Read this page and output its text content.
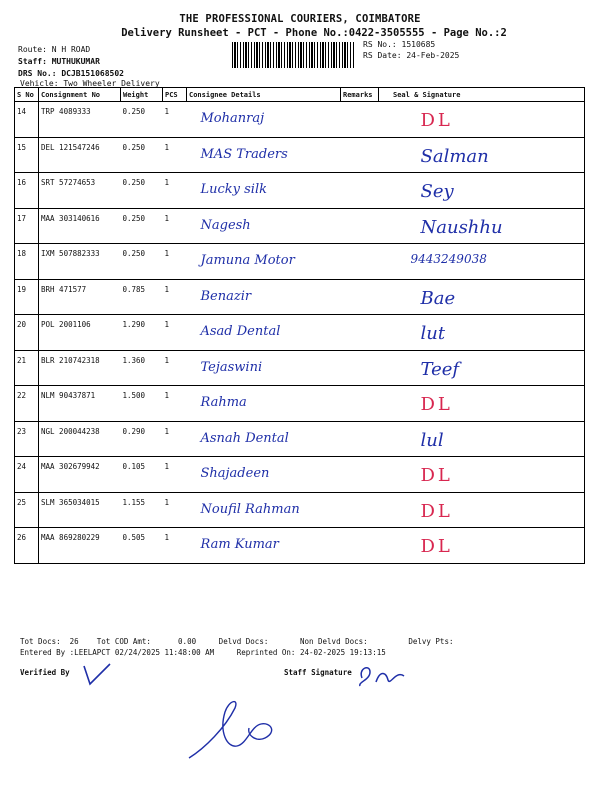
THE PROFESSIONAL COURIERS, COIMBATORE
Delivery Runsheet - PCT - Phone No.:0422-3505555 - Page No.:2
Route: N H ROAD
Staff: MUTHUKUMAR
DRS No.: DCJB151068502
Vehicle: Two Wheeler Delivery
RS No.: 1510685
RS Date: 24-Feb-2025
S No	Consignment No	Weight	PCS	Consignee Details	Remarks	Seal & Signature
14	TRP 4089333	0.250	1	Mohanraj		DL
15	DEL 121547246	0.250	1	MAS Traders		Salman
16	SRT 57274653	0.250	1	Lucky silk		Sey
17	MAA 303140616	0.250	1	Nagesh		Naushhu
18	IXM 507882333	0.250	1	Jamuna Motor		9443249038
19	BRH 471577	0.785	1	Benazir		Bae
20	POL 2001106	1.290	1	Asad Dental		lut
21	BLR 210742318	1.360	1	Tejaswini		Teef
22	NLM 90437871	1.500	1	Rahma		DL
23	NGL 200044238	0.290	1	Asnah Dental		lul
24	MAA 302679942	0.105	1	Shajadeen		DL
25	SLM 365034015	1.155	1	Noufil Rahman		DL
26	MAA 869280229	0.505	1	Ram Kumar		DL
Tot Docs:  26    Tot COD Amt:      0.00     Delvd Docs:       Non Delvd Docs:         Delvy Pts:
Entered By :LEELAPCT 02/24/2025 11:48:00 AM     Reprinted On: 24-02-2025 19:13:15
Verified By	Staff Signature
